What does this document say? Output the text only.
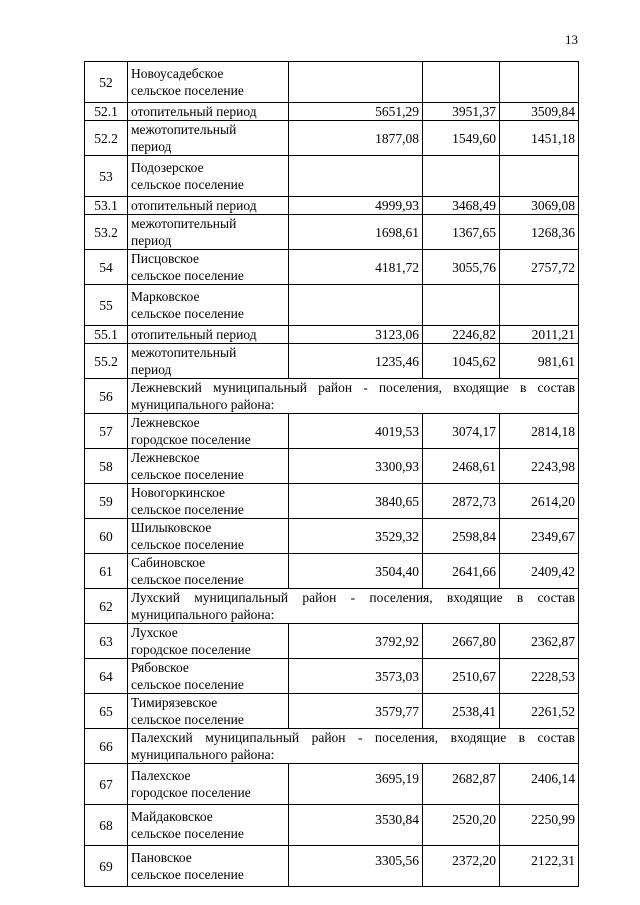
13
52	Новоусадебское
сельское поселение			

52.1	отопительный период	5651,29	3951,37	3509,84
52.2	межотопительный
период	1877,08	1549,60	1451,18
53	Подозерское
сельское поселение			

53.1	отопительный период	4999,93	3468,49	3069,08
53.2	межотопительный
период	1698,61	1367,65	1268,36
54	Писцовское
сельское поселение	4181,72	3055,76	2757,72
55	Марковское
сельское поселение			

55.1	отопительный период	3123,06	2246,82	2011,21
55.2	межотопительный
период	1235,46	1045,62	981,61
56	Лежневский муниципальный район - поселения, входящие в состав муниципального района:			
57	Лежневское
городское поселение	4019,53	3074,17	2814,18
58	Лежневское
сельское поселение	3300,93	2468,61	2243,98
59	Новогоркинское
сельское поселение	3840,65	2872,73	2614,20
60	Шилыковское
сельское поселение	3529,32	2598,84	2349,67
61	Сабиновское
сельское поселение	3504,40	2641,66	2409,42
62	Лухский муниципальный район - поселения, входящие в состав муниципального района:			
63	Лухское
городское поселение	3792,92	2667,80	2362,87
64	Рябовское
сельское поселение	3573,03	2510,67	2228,53
65	Тимирязевское
сельское поселение	3579,77	2538,41	2261,52
66	Палехский муниципальный район - поселения, входящие в состав муниципального района:			
67	Палехское
городское поселение	3695,19	2682,87	2406,14
68	Майдаковское
сельское поселение	3530,84	2520,20	2250,99
69	Пановское
сельское поселение	3305,56	2372,20	2122,31
